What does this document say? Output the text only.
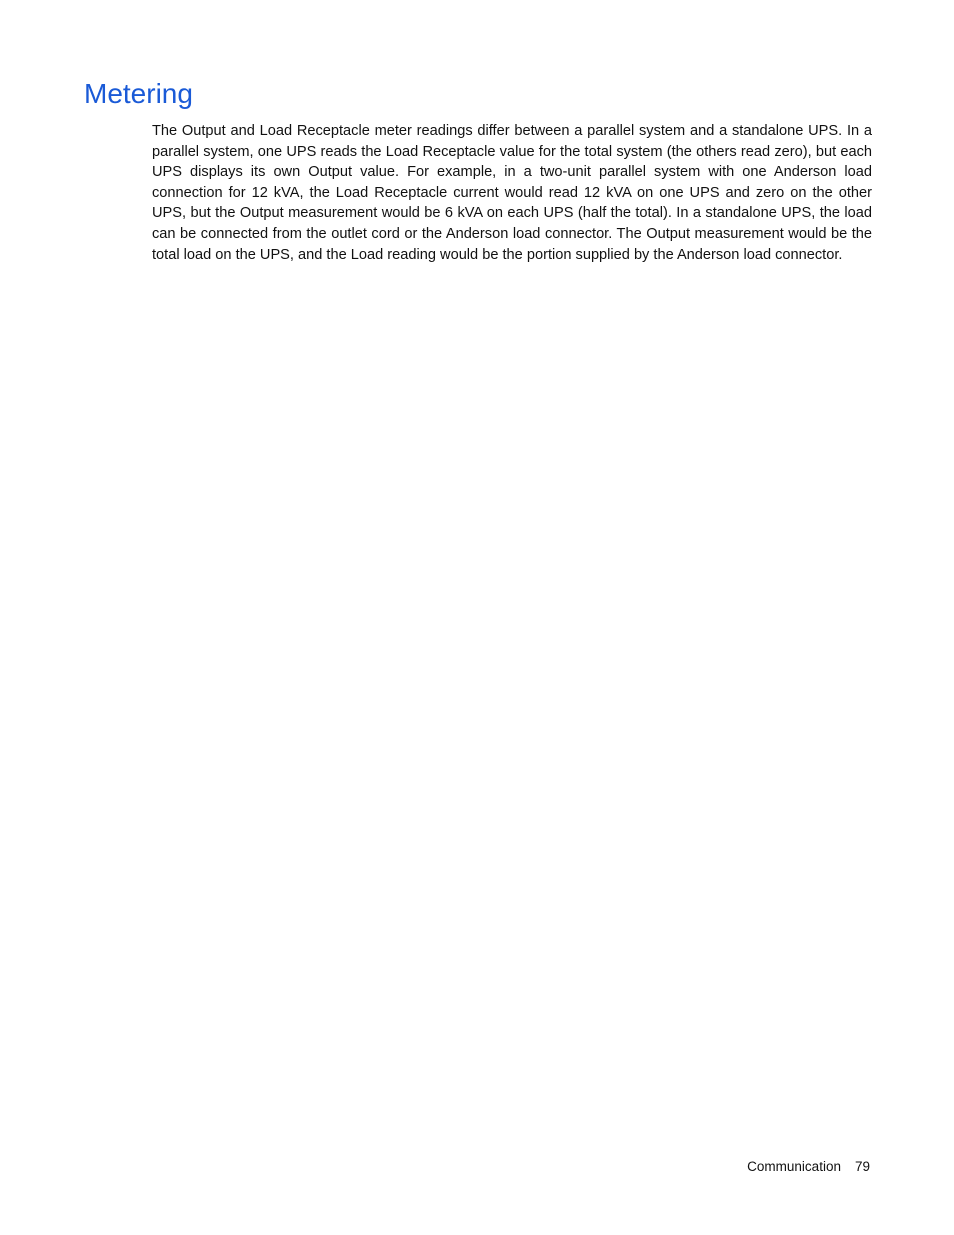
Metering

The Output and Load Receptacle meter readings differ between a parallel system and a standalone UPS. In a parallel system, one UPS reads the Load Receptacle value for the total system (the others read zero), but each UPS displays its own Output value. For example, in a two-unit parallel system with one Anderson load connection for 12 kVA, the Load Receptacle current would read 12 kVA on one UPS and zero on the other UPS, but the Output measurement would be 6 kVA on each UPS (half the total). In a standalone UPS, the load can be connected from the outlet cord or the Anderson load connector. The Output measurement would be the total load on the UPS, and the Load reading would be the portion supplied by the Anderson load connector.

Communication 79
